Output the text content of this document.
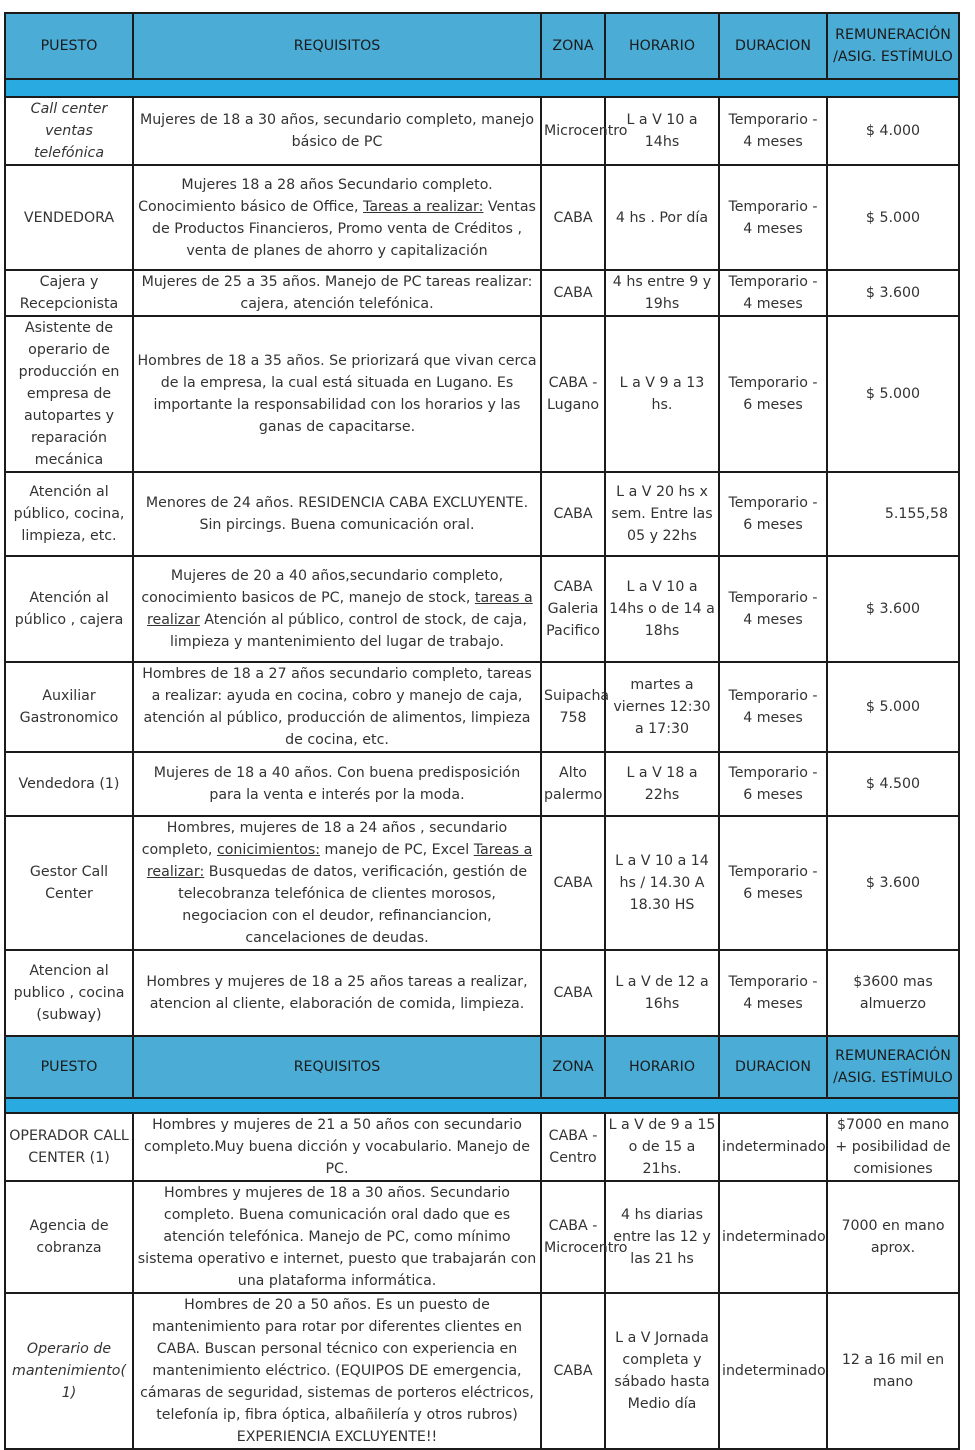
PUESTO	REQUISITOS	ZONA	HORARIO	DURACION	REMUNERACIÓN /ASIG. ESTÍMULO

Call center ventas telefónica	Mujeres de 18 a 30 años, secundario completo, manejo básico de PC	Microcentro	L a V 10 a 14hs	Temporario - 4 meses	$ 4.000
VENDEDORA	Mujeres 18 a 28 años Secundario completo. Conocimiento básico de Office, Tareas a realizar: Ventas de Productos Financieros, Promo venta de Créditos , venta de planes de ahorro y capitalización	CABA	4 hs . Por día	Temporario - 4 meses	$ 5.000
Cajera y Recepcionista	Mujeres de 25 a 35 años. Manejo de PC tareas realizar: cajera, atención telefónica.	CABA	4 hs entre 9 y 19hs	Temporario - 4 meses	$ 3.600
Asistente de operario de producción en empresa de autopartes y reparación mecánica	Hombres de 18 a 35 años. Se priorizará que vivan cerca de la empresa, la cual está situada en Lugano. Es importante la responsabilidad con los horarios y las ganas de capacitarse.	CABA - Lugano	L a V 9 a 13 hs.	Temporario - 6 meses	$ 5.000
Atención al público, cocina, limpieza, etc.	Menores de 24 años. RESIDENCIA CABA EXCLUYENTE. Sin pircings. Buena comunicación oral.	CABA	L a V 20 hs x sem. Entre las 05 y 22hs	Temporario - 6 meses	5.155,58
Atención al público , cajera	Mujeres de 20 a 40 años,secundario completo, conocimiento basicos de PC, manejo de stock, tareas a realizar Atención al público, control de stock, de caja, limpieza y mantenimiento del lugar de trabajo.	CABA Galeria Pacifico	L a V 10 a 14hs o de 14 a 18hs	Temporario - 4 meses	$ 3.600
Auxiliar Gastronomico	Hombres de 18 a 27 años secundario completo, tareas a realizar: ayuda en cocina, cobro y manejo de caja, atención al público, producción de alimentos, limpieza de cocina, etc.	Suipacha 758	martes a viernes 12:30 a 17:30	Temporario - 4 meses	$ 5.000
Vendedora (1)	Mujeres de 18 a 40 años. Con buena predisposición para la venta e interés por la moda.	Alto palermo	L a V 18 a 22hs	Temporario - 6 meses	$ 4.500
Gestor Call Center	Hombres, mujeres de 18 a 24 años , secundario completo, conicimientos: manejo de PC, Excel Tareas a realizar: Busquedas de datos, verificación, gestión de telecobranza telefónica de clientes morosos, negociacion con el deudor, refinanciancion, cancelaciones de deudas.	CABA	L a V 10 a 14 hs / 14.30 A 18.30 HS	Temporario - 6 meses	$ 3.600
Atencion al publico , cocina (subway)	Hombres y mujeres de 18 a 25 años tareas a realizar, atencion al cliente, elaboración de comida, limpieza.	CABA	L a V de 12 a 16hs	Temporario - 4 meses	$3600 mas almuerzo
PUESTO	REQUISITOS	ZONA	HORARIO	DURACION	REMUNERACIÓN /ASIG. ESTÍMULO

OPERADOR CALL CENTER (1)	Hombres y mujeres de 21 a 50 años con secundario completo.Muy buena dicción y vocabulario. Manejo de PC.	CABA - Centro	L a V de 9 a 15 o de 15 a 21hs.	indeterminado	$7000 en mano + posibilidad de comisiones
Agencia de cobranza	Hombres y mujeres de 18 a 30 años. Secundario completo. Buena comunicación oral dado que es atención telefónica. Manejo de PC, como mínimo sistema operativo e internet, puesto que trabajarán con una plataforma informática.	CABA - Microcentro	4 hs diarias entre las 12 y las 21 hs	indeterminado	7000 en mano aprox.
Operario de mantenimiento( 1)	Hombres de 20 a 50 años. Es un puesto de mantenimiento para rotar por diferentes clientes en CABA. Buscan personal técnico con experiencia en mantenimiento eléctrico. (EQUIPOS DE emergencia, cámaras de seguridad, sistemas de porteros eléctricos, telefonía ip, fibra óptica, albañilería y otros rubros) EXPERIENCIA EXCLUYENTE!!	CABA	L a V Jornada completa y sábado hasta Medio día	indeterminado	12 a 16 mil en mano
